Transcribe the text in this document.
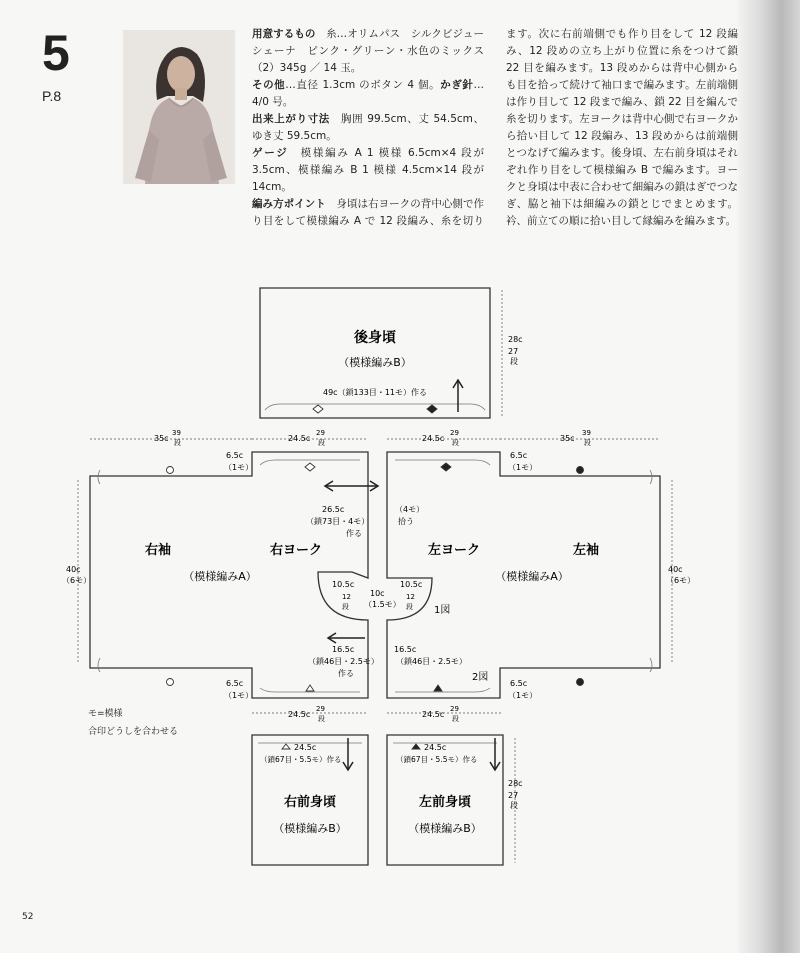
5
P.8

用意するもの　糸…オリムパス　シルクビジューシェーナ　ピンク・グリーン・水色のミックス（2）345g ／ 14 玉。

その他…直径 1.3cm のボタン 4 個。かぎ針…4/0 号。

出来上がり寸法　胸囲 99.5cm、丈 54.5cm、ゆき丈 59.5cm。

ゲージ　模様編み A 1 模様 6.5cm×4 段が 3.5cm、模様編み B 1 模様 4.5cm×14 段が 14cm。

編み方ポイント　身頃は右ヨークの背中心側で作り目をして模様編み A で 12 段編み、糸を切ります。次に右前端側でも作り目をして 12 段編み、12 段めの立ち上がり位置に糸をつけて鎖 22 目を編みます。13 段めからは背中心側からも目を拾って続けて袖口まで編みます。左前端側は作り目して 12 段まで編み、鎖 22 目を編んで糸を切ります。左ヨークは背中心側で右ヨークから拾い目して 12 段編み、13 段めからは前端側とつなげて編みます。後身頃、左右前身頃はそれぞれ作り目をして模様編み B で編みます。ヨークと身頃は中表に合わせて細編みの鎖はぎでつなぎ、脇と袖下は細編みの鎖とじでまとめます。衿、前立ての順に拾い目して縁編みを編みます。

後身頃
（模様編みB）
49c（鎖133目・11モ）作る
28c
27
段
35c
39
段	24.5c
29
段	24.5c
29
段	35c
39
段
6.5c
（1モ）
6.5c
（1モ）
6.5c
（1モ）
6.5c
（1モ）
40c
（6モ）
40c
（6モ）
右袖
（模様編みA）
右ヨーク	左ヨーク	左袖
（模様編みA）
26.5c
（鎖73目・4モ）
作る
（4モ）
拾う
10.5c
12
段
10.5c
12
段
10c
（1.5モ）
1図
16.5c
（鎖46目・2.5モ）
作る
16.5c
（鎖46目・2.5モ）
2図
24.5c
29
段	24.5c
29
段
24.5c
（鎖67目・5.5モ）作る
右前身頃
（模様編みB）
24.5c
（鎖67目・5.5モ）作る
左前身頃
（模様編みB）
28c
27
段
モ=模様
合印どうしを合わせる
52
